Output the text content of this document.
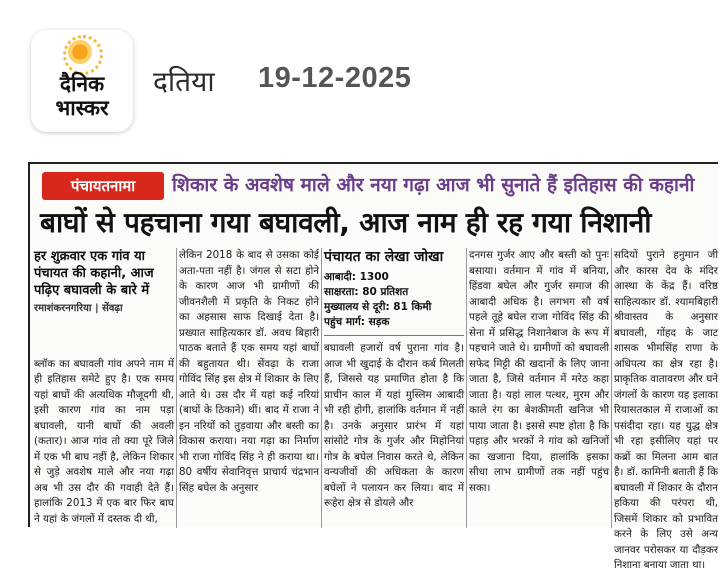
दैनिक
भास्कर
दतिया 19-12-2025
पंचायतनामा	शिकार के अवशेष माले और नया गढ़ा आज भी सुनाते हैं इतिहास की कहानी
बाघों से पहचाना गया बघावली, आज नाम ही रह गया निशानी
हर शुक्रवार एक गांव या पंचायत की कहानी, आज पढ़िए बघावली के बारे में
रमाशंकरनगरिया | सेंवढ़ा
ब्लॉक का बघावली गांव अपने नाम में ही इतिहास समेटे हुए है। एक समय यहां बाघों की अत्यधिक मौजूदगी थी, इसी कारण गांव का नाम पड़ा बघावली, यानी बाघों की अवली (कतार)। आज गांव तो क्या पूरे जिले में एक भी बाघ नहीं है, लेकिन शिकार से जुड़े अवशेष माले और नया गढ़ा अब भी उस दौर की गवाही देते हैं। हालांकि 2013 में एक बार फिर बाघ ने यहां के जंगलों में दस्तक दी थी,
लेकिन 2018 के बाद से उसका कोई अता-पता नहीं है। जंगल से सटा होने के कारण आज भी ग्रामीणों की जीवनशैली में प्रकृति के निकट होने का अहसास साफ दिखाई देता है। प्रख्यात साहित्यकार डॉ. अवध बिहारी पाठक बताते हैं एक समय यहां बाघों की बहुतायत थी। सेंवढ़ा के राजा गोविंद सिंह इस क्षेत्र में शिकार के लिए आते थे। उस दौर में यहां कई नरियां (बाघों के ठिकाने) थीं। बाद में राजा ने इन नरियों को तुड़वाया और बस्ती का विकास कराया। नया गढ़ा का निर्माण भी राजा गोविंद सिंह ने ही कराया था। 80 वर्षीय सेवानिवृत्त प्राचार्य चंद्रभान सिंह बघेल के अनुसार
पंचायत का लेखा जोखा
आबादी: 1300
साक्षरता: 80 प्रतिशत
मुख्यालय से दूरी: 81 किमी
पहुंच मार्ग: सड़क
बघावली हजारों वर्ष पुराना गांव है। आज भी खुदाई के दौरान कर्ब मिलती हैं, जिससे यह प्रमाणित होता है कि प्राचीन काल में यहां मुस्लिम आबादी भी रही होगी, हालांकि वर्तमान में नहीं है। उनके अनुसार प्रारंभ में यहां सांसोटे गोत्र के गुर्जर और मिहोनियां गोत्र के बघेल निवास करते थे, लेकिन वन्यजीवों की अधिकता के कारण बघेलों ने पलायन कर लिया। बाद में रूहेरा क्षेत्र से डोयले और
दनगस गुर्जर आए और बस्ती को पुनः बसाया। वर्तमान में गांव में बनिया, हिंडवा बघेल और गुर्जर समाज की आबादी अधिक है। लगभग सौ वर्ष पहले तूहे बघेल राजा गोविंद सिंह की सेना में प्रसिद्ध निशानेबाज के रूप में पहचाने जाते थे। ग्रामीणों को बघावली सफेद मिट्टी की खदानों के लिए जाना जाता है, जिसे वर्तमान में मरेठ कहा जाता है। यहां लाल पत्थर, मुरम और काले रंग का बेशकीमती खनिज भी पाया जाता है। इससे स्पष्ट होता है कि पहाड़ और भरकों ने गांव को खनिजों का खजाना दिया, हालांकि इसका सीधा लाभ ग्रामीणों तक नहीं पहुंच सका।
सदियों पुराने हनुमान जी और कारस देव के मंदिर आस्था के केंद्र हैं। वरिष्ठ साहित्यकार डॉ. श्यामबिहारी श्रीवास्तव के अनुसार बघावली, गोंहद के जाट शासक भीमसिंह राणा के अधिपत्य का क्षेत्र रहा है। प्राकृतिक वातावरण और घने जंगलों के कारण यह इलाका रियासतकाल में राजाओं का पसंदीदा रहा। यह युद्ध क्षेत्र भी रहा इसीलिए यहां पर कब्रों का मिलना आम बात है। डॉ. कामिनी बताती हैं कि बघावली में शिकार के दौरान हकिया की परंपरा थी, जिसमें शिकार को प्रभावित करने के लिए उसे अन्य जानवर परोसकर या दौड़कर निशाना बनाया जाता था।
